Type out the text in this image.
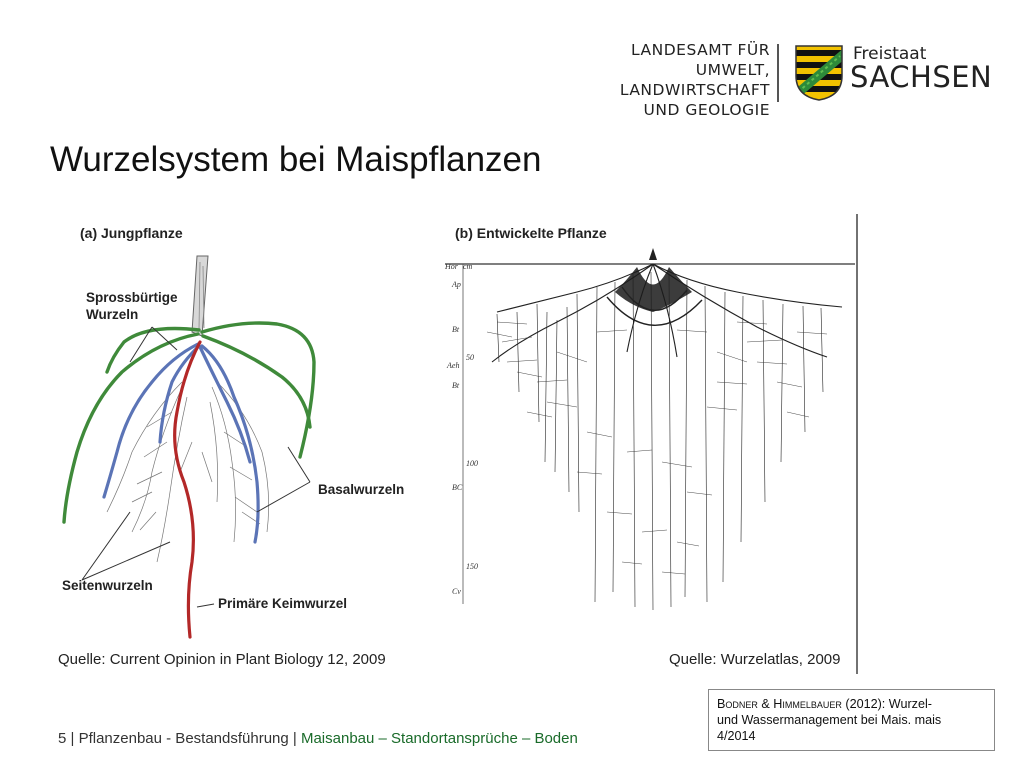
LANDESAMT FÜR UMWELT,
LANDWIRTSCHAFT
UND GEOLOGIE
Freistaat
SACHSEN
Wurzelsystem bei Maispflanzen
(a) Jungpflanze
Sprossbürtige
Wurzeln
Basalwurzeln
Seitenwurzeln
Primäre Keimwurzel
Quelle: Current Opinion in Plant Biology 12, 2009
(b) Entwickelte Pflanze
Hor cm
Ap
Bt
Aeh
Bt
BC
Cv
50
100
150
Quelle: Wurzelatlas, 2009
Bodner & Himmelbauer (2012): Wurzel-
und Wassermanagement bei Mais. mais
4/2014
5 | Pflanzenbau - Bestandsführung | Maisanbau – Standortansprüche – Boden
